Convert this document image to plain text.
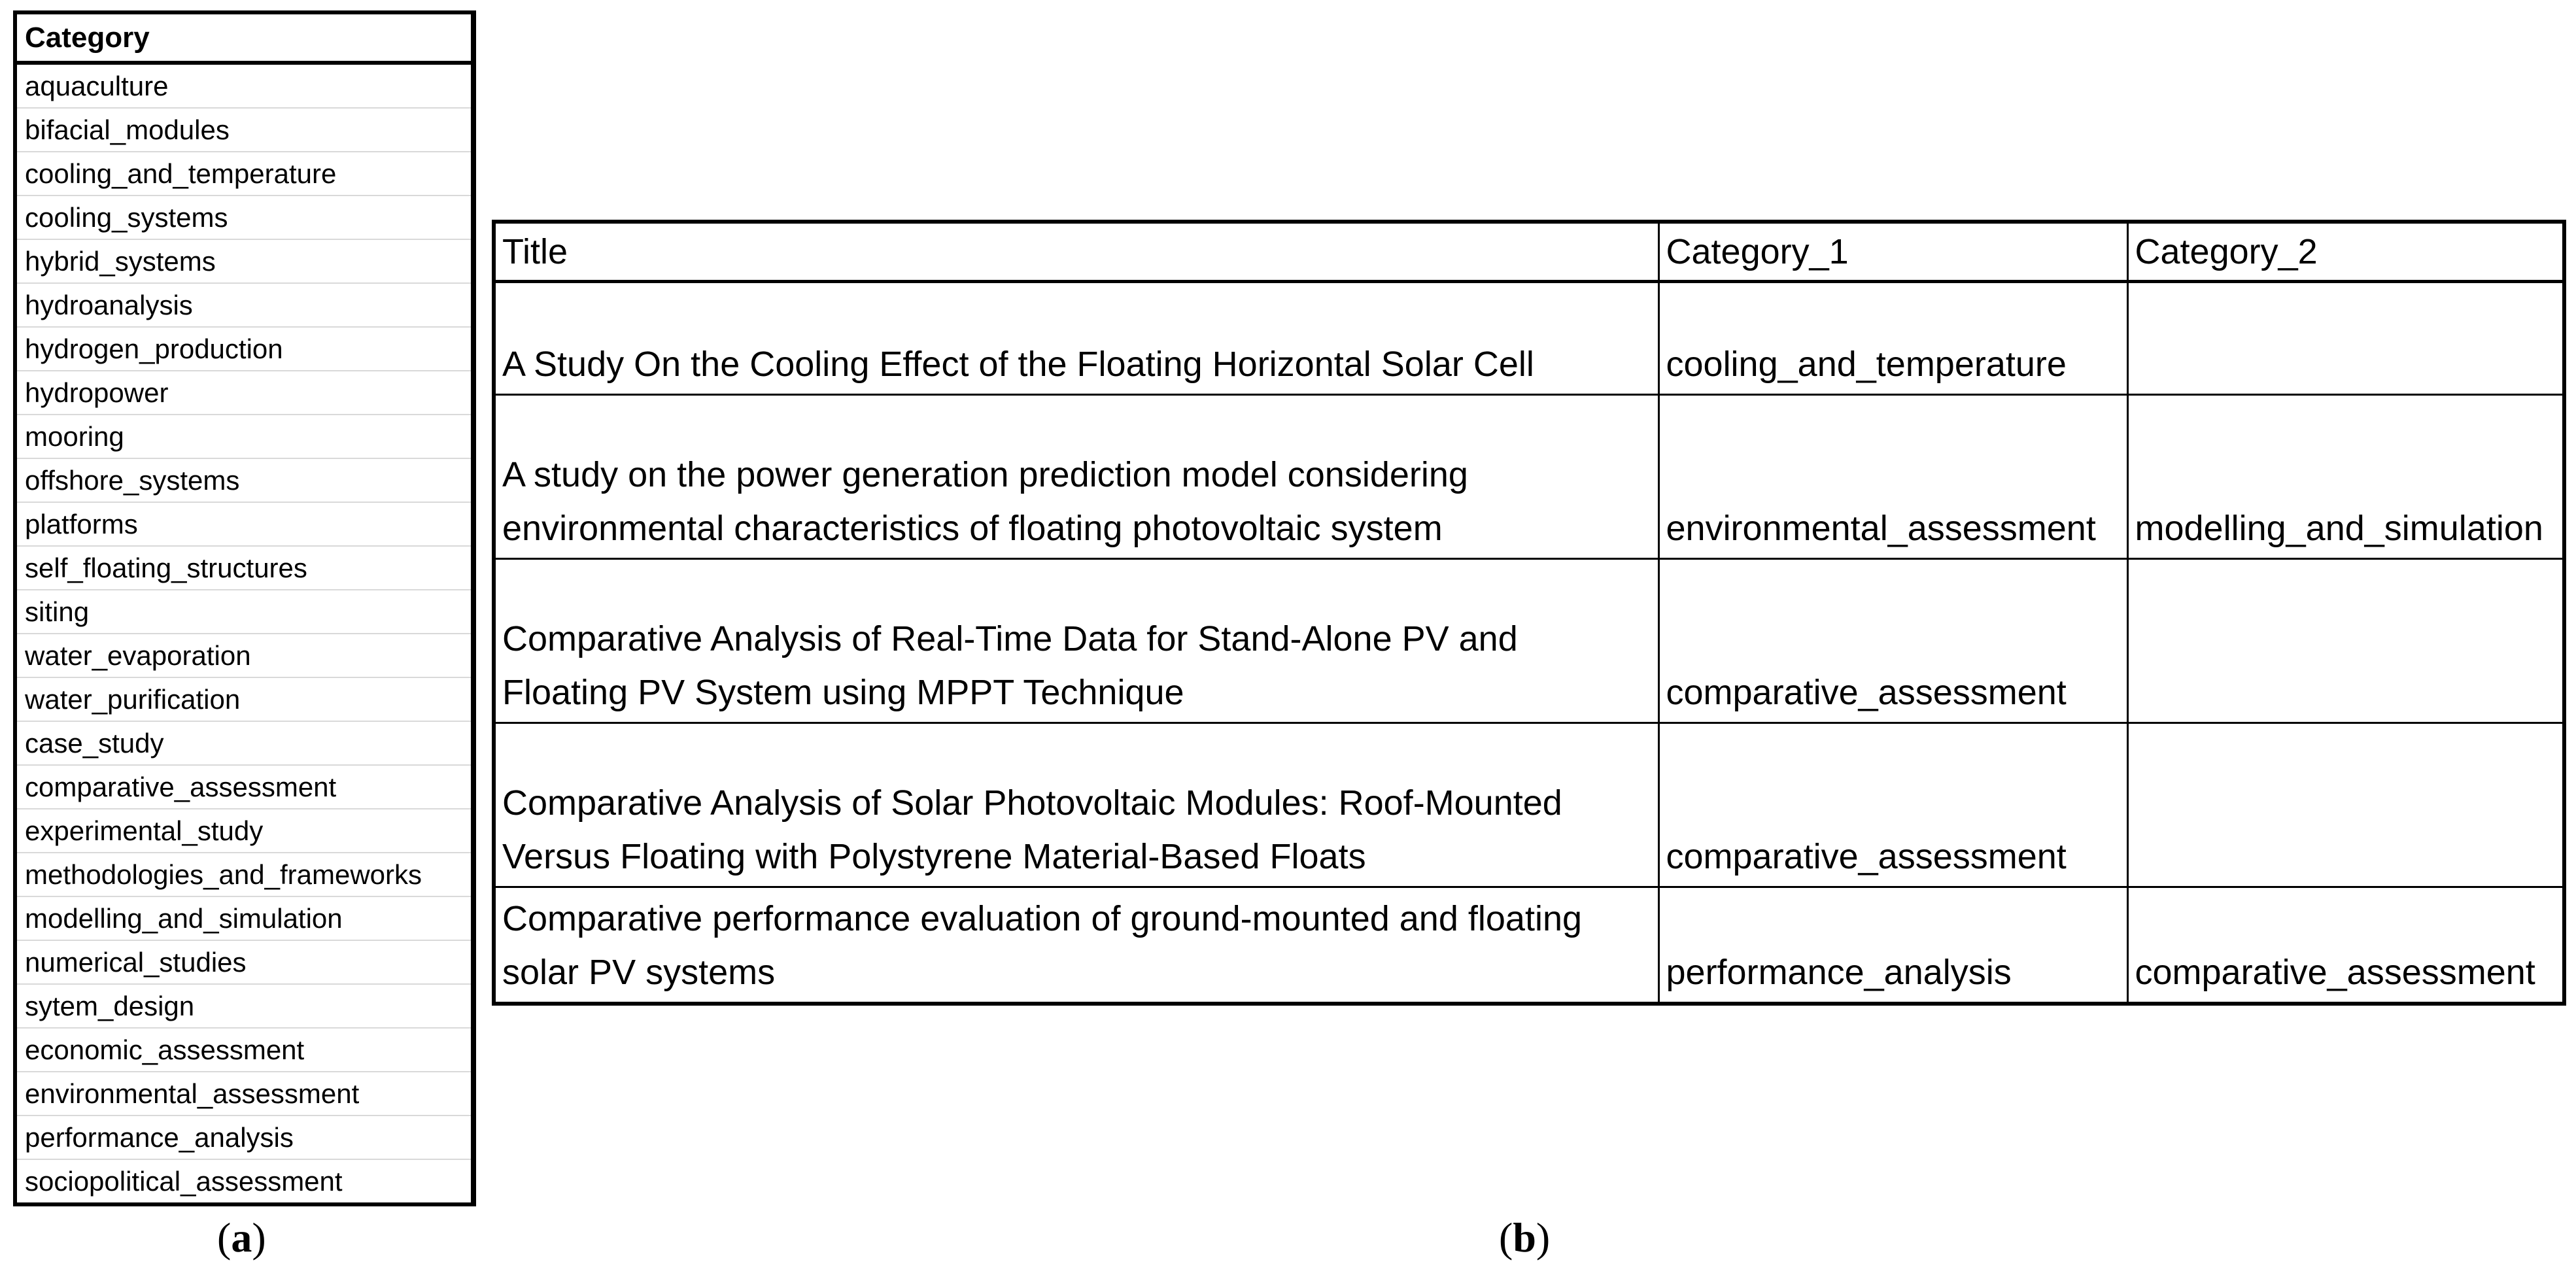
Category
aquaculture
bifacial_modules
cooling_and_temperature
cooling_systems
hybrid_systems
hydroanalysis
hydrogen_production
hydropower
mooring
offshore_systems
platforms
self_floating_structures
siting
water_evaporation
water_purification
case_study
comparative_assessment
experimental_study
methodologies_and_frameworks
modelling_and_simulation
numerical_studies
sytem_design
economic_assessment
environmental_assessment
performance_analysis
sociopolitical_assessment
Title	Category_1	Category_2
A Study On the Cooling Effect of the Floating Horizontal Solar Cell	cooling_and_temperature	
A study on the power generation prediction model considering environmental characteristics of floating photovoltaic system	environmental_assessment	modelling_and_simulation
Comparative Analysis of Real-Time Data for Stand-Alone PV and Floating PV System using MPPT Technique	comparative_assessment	
Comparative Analysis of Solar Photovoltaic Modules: Roof-Mounted Versus Floating with Polystyrene Material-Based Floats	comparative_assessment	
Comparative performance evaluation of ground-mounted and floating solar PV systems	performance_analysis	comparative_assessment
(a)	(b)
